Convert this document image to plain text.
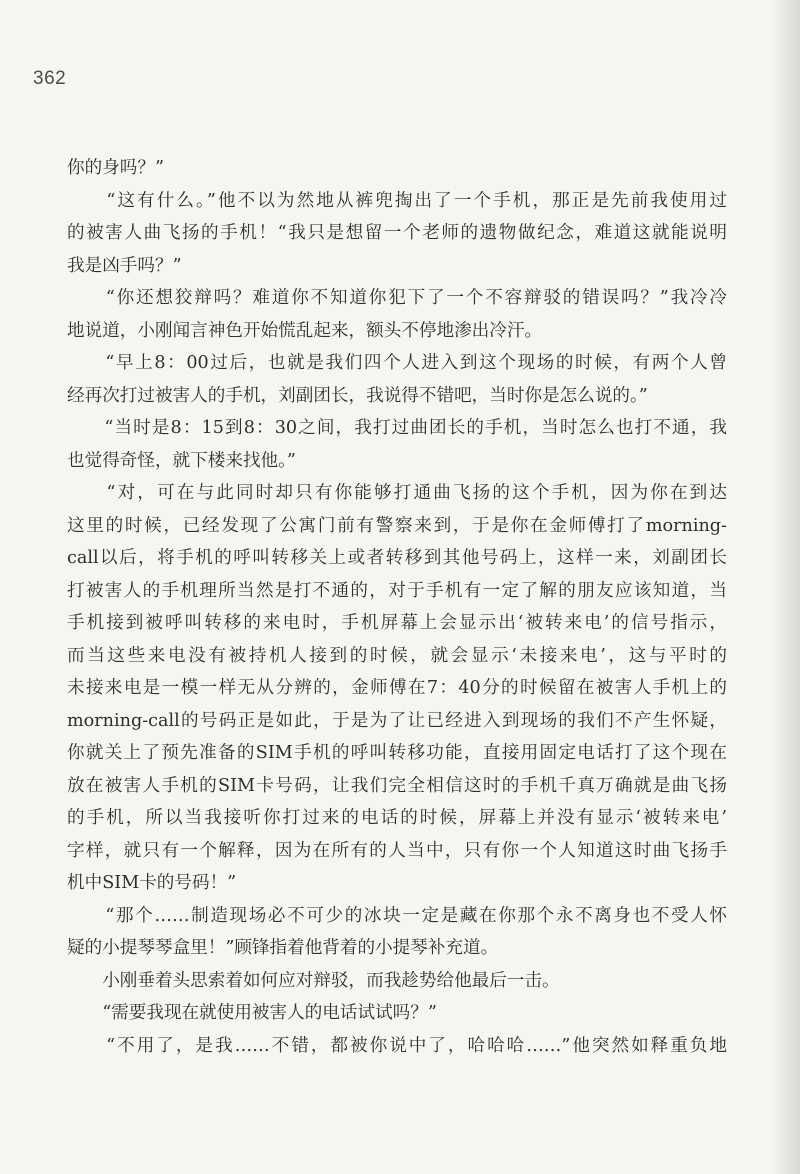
362
你的身吗？”
　　“这有什么。”他不以为然地从裤兜掏出了一个手机，那正是先前我使用过
的被害人曲飞扬的手机！“我只是想留一个老师的遗物做纪念，难道这就能说明
我是凶手吗？”
　　“你还想狡辩吗？难道你不知道你犯下了一个不容辩驳的错误吗？”我冷冷
地说道，小刚闻言神色开始慌乱起来，额头不停地渗出冷汗。
　　“早上8：00过后，也就是我们四个人进入到这个现场的时候，有两个人曾
经再次打过被害人的手机，刘副团长，我说得不错吧，当时你是怎么说的。”
　　“当时是8：15到8：30之间，我打过曲团长的手机，当时怎么也打不通，我
也觉得奇怪，就下楼来找他。”
　　“对，可在与此同时却只有你能够打通曲飞扬的这个手机，因为你在到达
这里的时候，已经发现了公寓门前有警察来到，于是你在金师傅打了morning-
call以后，将手机的呼叫转移关上或者转移到其他号码上，这样一来，刘副团长
打被害人的手机理所当然是打不通的，对于手机有一定了解的朋友应该知道，当
手机接到被呼叫转移的来电时，手机屏幕上会显示出‘被转来电’的信号指示，
而当这些来电没有被持机人接到的时候，就会显示‘未接来电’，这与平时的
未接来电是一模一样无从分辨的，金师傅在7：40分的时候留在被害人手机上的
morning-call的号码正是如此，于是为了让已经进入到现场的我们不产生怀疑，
你就关上了预先准备的SIM手机的呼叫转移功能，直接用固定电话打了这个现在
放在被害人手机的SIM卡号码，让我们完全相信这时的手机千真万确就是曲飞扬
的手机，所以当我接听你打过来的电话的时候，屏幕上并没有显示‘被转来电’
字样，就只有一个解释，因为在所有的人当中，只有你一个人知道这时曲飞扬手
机中SIM卡的号码！”
　　“那个……制造现场必不可少的冰块一定是藏在你那个永不离身也不受人怀
疑的小提琴琴盒里！”顾锋指着他背着的小提琴补充道。
　　小刚垂着头思索着如何应对辩驳，而我趁势给他最后一击。
　　“需要我现在就使用被害人的电话试试吗？”
　　“不用了，是我……不错，都被你说中了，哈哈哈……”他突然如释重负地
